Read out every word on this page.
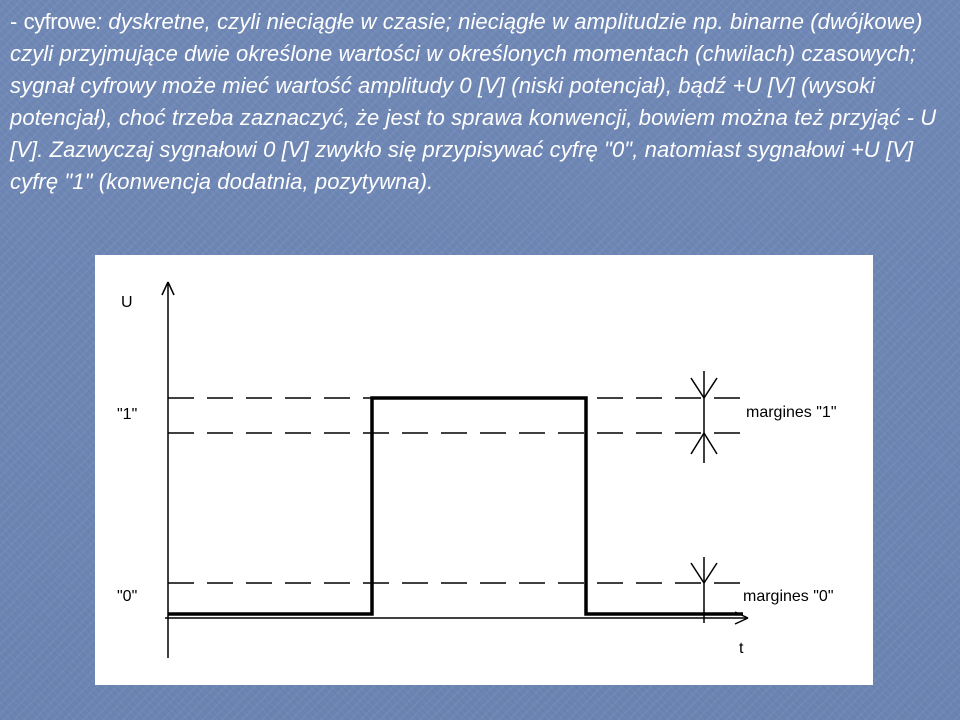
- cyfrowe: dyskretne, czyli nieciągłe w czasie; nieciągłe w amplitudzie np. binarne (dwójkowe) czyli przyjmujące dwie określone wartości w określonych momentach (chwilach) czasowych; sygnał cyfrowy może mieć wartość amplitudy 0 [V] (niski potencjał), bądź +U [V] (wysoki potencjał), choć trzeba zaznaczyć, że jest to sprawa konwencji, bowiem można też przyjąć - U [V]. Zazwyczaj sygnałowi 0 [V] zwykło się przypisywać cyfrę "0", natomiast sygnałowi +U [V] cyfrę "1" (konwencja dodatnia, pozytywna).

U
t
"1"
"0"
margines "1"
margines "0"
